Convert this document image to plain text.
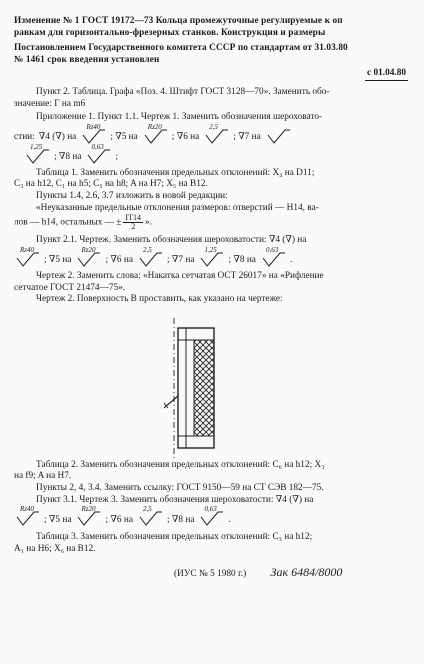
Изменение № 1 ГОСТ 19172—73 Кольца промежуточные регулируемые к оп

равкам для горизонтально-фрезерных станков. Конструкция и размеры

Постановлением Государственного комитета СССР по стандартам от 31.03.80

№ 1461 срок введения установлен

с 01.04.80

Пункт 2. Таблица. Графа «Поз. 4. Штифт ГОСТ 3128—70». Заменить обо-

значение: Г на m6

Приложение 1. Пункт 1.1. Чертеж 1. Заменить обозначения шероховато-

стии: ∇4 (∇) на
Rz40
; ∇5 на
Rz20
; ∇6 на
2,5
; ∇7 на
1,25
; ∇8 на
0,63
;

Таблица 1. Заменить обозначения предельных отклонений: Х₄ на D11;

C₃ на h12, C₁ на h5; C₅ на h8; A на H7; X₅ на B12.

Пункты 1.4, 2.6, 3.7 изложить в новой редакции:

«Неуказанные предельные отклонения размеров: отверстий — H14, ва-

лов — h14, остальных — ± $\frac{IT14}{2}$ ».

Пункт 2.1. Чертеж. Заменить обозначения шероховатости: ∇4 (∇) на

Rz40
; ∇5 на
Rz20
; ∇6 на
2,5
; ∇7 на
1,25
; ∇8 на
0,63
.

Чертеж 2. Заменить слова: «Накатка сетчатая ОСТ 26017» на «Рифление

сетчатое ГОСТ 21474—75».

Чертеж 2. Поверхность В проставить, как указано на чертеже:

Таблица 2. Заменить обозначения предельных отклонений: C₆ на h12; X₃

на f9; A на H7.

Пункты 2, 4, 3.4. Заменить ссылку: ГОСТ 9150—59 на СТ СЭВ 182—75.

Пункт 3.1. Чертеж 3. Заменить обозначения шероховатости: ∇4 (∇) на

Rz40
; ∇5 на
Rz20
; ∇6 на
2,5
; ∇8 на
0,63
.

Таблица 3. Заменить обозначения предельных отклонений: C₃ на h12;

A₁ на H6; X₆ на B12.

(ИУС № 5 1980 г.) Зак 6484/8000
